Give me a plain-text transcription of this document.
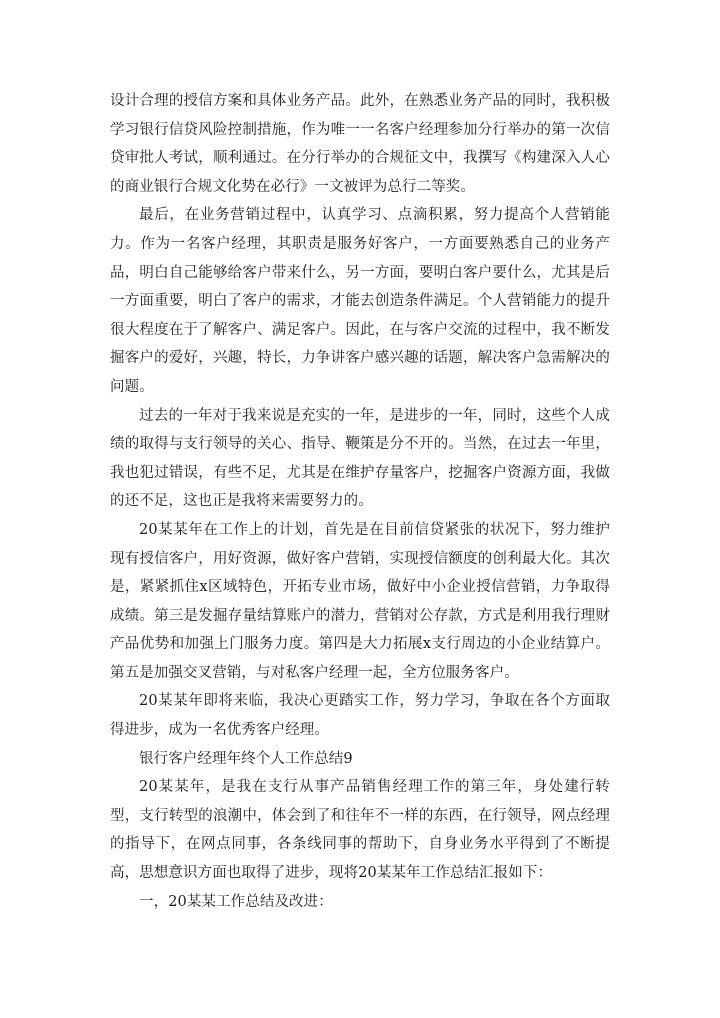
设计合理的授信方案和具体业务产品。此外，在熟悉业务产品的同时，我积极学习银行信贷风险控制措施，作为唯一一名客户经理参加分行举办的第一次信贷审批人考试，顺利通过。在分行举办的合规征文中，我撰写《构建深入人心的商业银行合规文化势在必行》一文被评为总行二等奖。

最后，在业务营销过程中，认真学习、点滴积累，努力提高个人营销能力。作为一名客户经理，其职责是服务好客户，一方面要熟悉自己的业务产品，明白自己能够给客户带来什么，另一方面，要明白客户要什么，尤其是后一方面重要，明白了客户的需求，才能去创造条件满足。个人营销能力的提升很大程度在于了解客户、满足客户。因此，在与客户交流的过程中，我不断发掘客户的爱好，兴趣，特长，力争讲客户感兴趣的话题，解决客户急需解决的问题。

过去的一年对于我来说是充实的一年，是进步的一年，同时，这些个人成绩的取得与支行领导的关心、指导、鞭策是分不开的。当然，在过去一年里，我也犯过错误，有些不足，尤其是在维护存量客户，挖掘客户资源方面，我做的还不足，这也正是我将来需要努力的。

20某某年在工作上的计划，首先是在目前信贷紧张的状况下，努力维护现有授信客户，用好资源，做好客户营销，实现授信额度的创利最大化。其次是，紧紧抓住x区域特色，开拓专业市场，做好中小企业授信营销，力争取得成绩。第三是发掘存量结算账户的潜力，营销对公存款，方式是利用我行理财产品优势和加强上门服务力度。第四是大力拓展x支行周边的小企业结算户。第五是加强交叉营销，与对私客户经理一起，全方位服务客户。

20某某年即将来临，我决心更踏实工作，努力学习，争取在各个方面取得进步，成为一名优秀客户经理。

银行客户经理年终个人工作总结9

20某某年，是我在支行从事产品销售经理工作的第三年，身处建行转型，支行转型的浪潮中，体会到了和往年不一样的东西，在行领导，网点经理的指导下，在网点同事，各条线同事的帮助下，自身业务水平得到了不断提高，思想意识方面也取得了进步，现将20某某年工作总结汇报如下：

一，20某某工作总结及改进：
